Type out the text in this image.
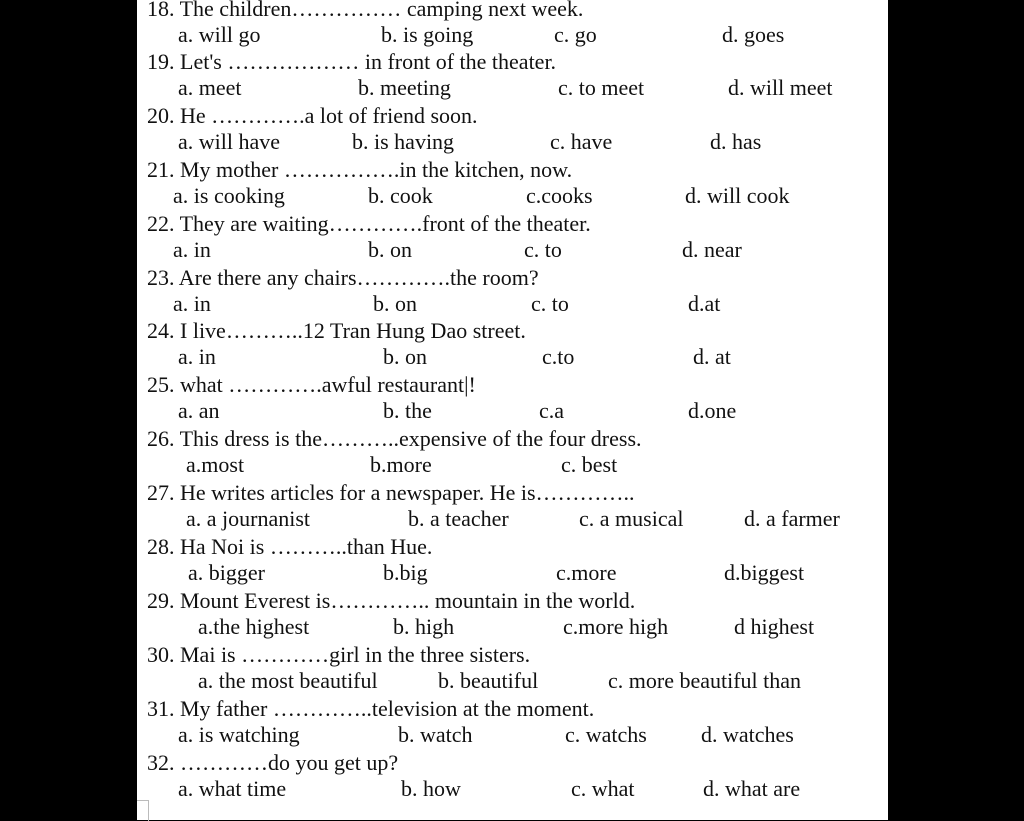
18. The children…………… camping next week.
a. will go	b. is going	c. go	d. goes
19. Let's ……………… in front of the theater.
a. meet	b. meeting	c. to meet	d. will meet
20. He ………….a lot of friend soon.
a. will have	b. is having	c. have	d. has
21. My mother …………….in the kitchen, now.
a. is cooking	b. cook	c.cooks	d. will cook
22. They are waiting………….front of the theater.
a. in	b. on	c. to	d. near
23. Are there any chairs………….the room?
a. in	b. on	c. to	d.at
24. I live………..12 Tran Hung Dao street.
a. in	b. on	c.to	d. at
25. what ………….awful restaurant|!
a. an	b. the	c.a	d.one
26. This dress is the………..expensive of the four dress.
a.most	b.more	c. best
27. He writes articles for a newspaper. He is…………..
a. a journanist	b. a teacher	c. a musical	d. a farmer
28. Ha Noi is ………..than Hue.
a. bigger	b.big	c.more	d.biggest
29. Mount Everest is………….. mountain in the world.
a.the highest	b. high	c.more high	d highest
30. Mai is …………girl in the three sisters.
a. the most beautiful	b. beautiful	c. more beautiful than
31. My father …………..television at the moment.
a. is watching	b. watch	c. watchs d. watches
32. …………do you get up?
a. what time	b. how	c. what	d. what are
